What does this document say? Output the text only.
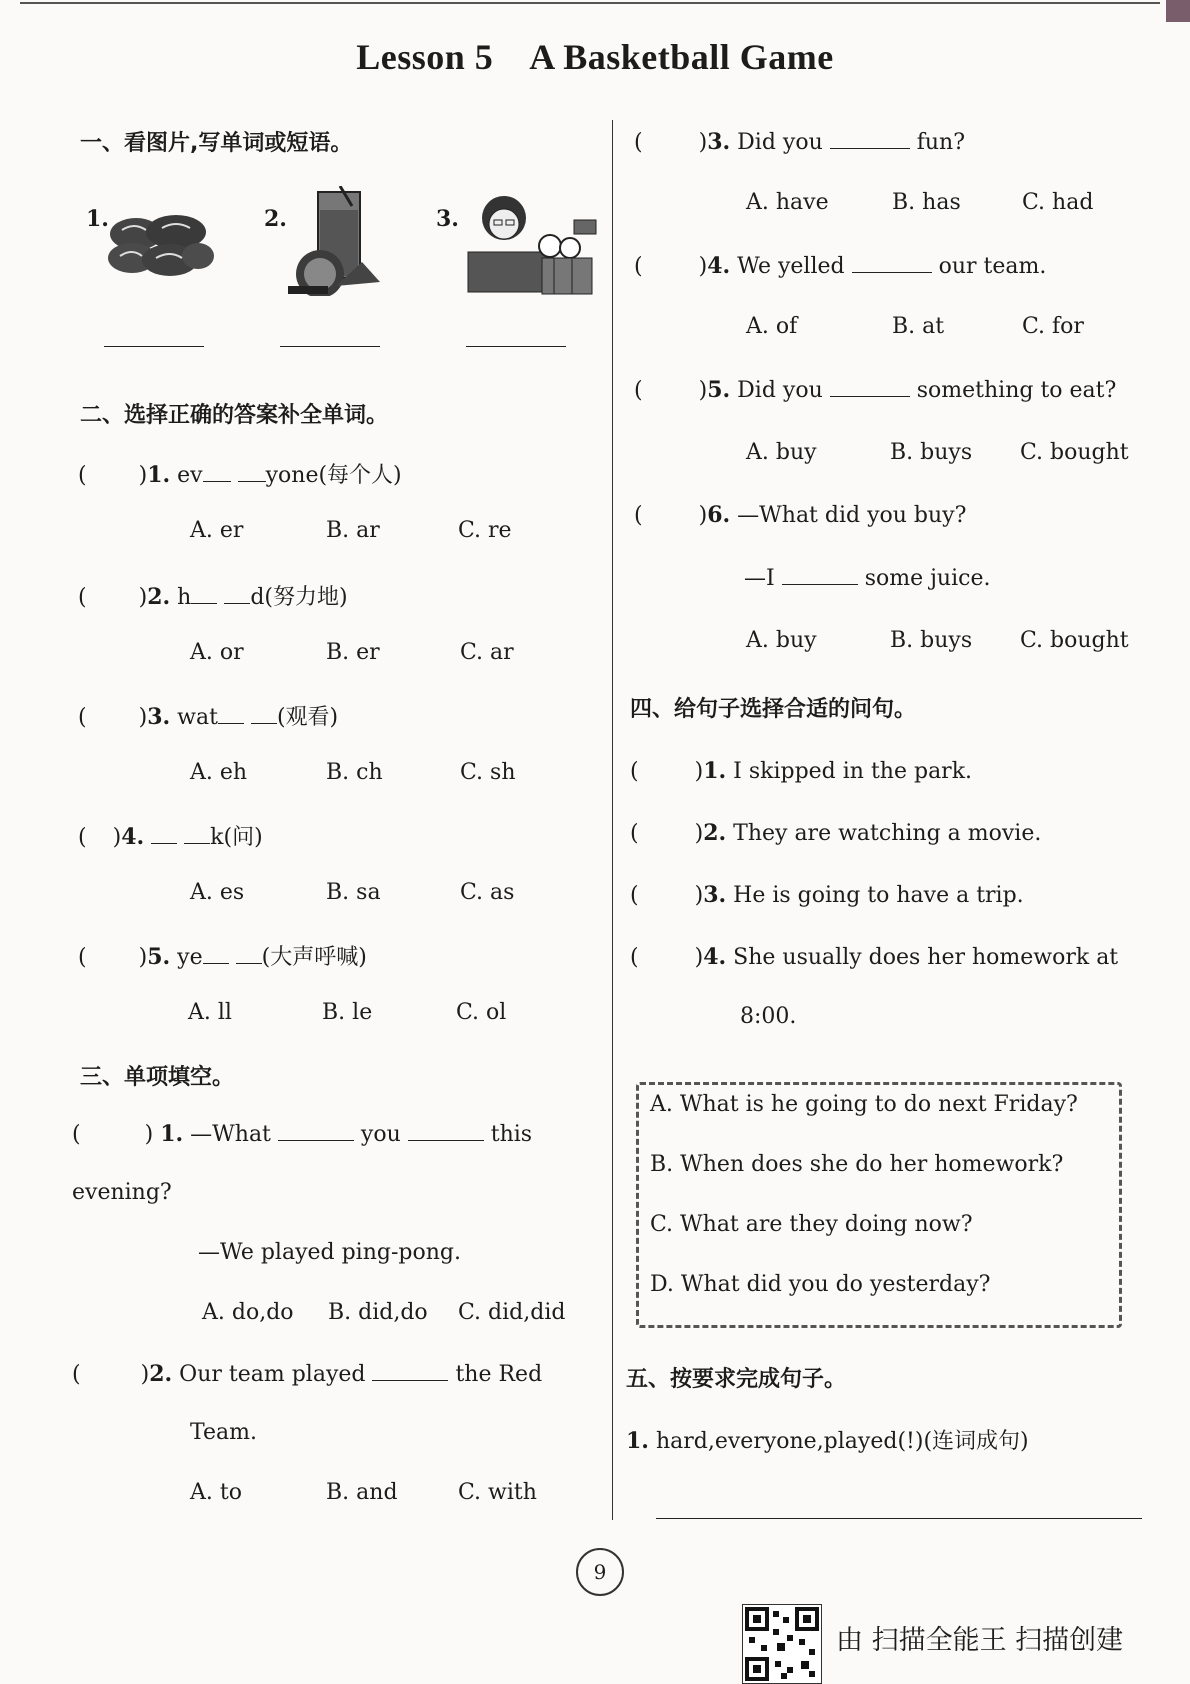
Lesson 5 A Basketball Game
一、看图片,写单词或短语。
1.	2.	3.
二、选择正确的答案补全单词。
( )1. ev	yone(每个人)
A. er	B. ar	C. re
( )2. h	d(努力地)
A. or	B. er	C. ar
( )3. wat	(观看)
A. eh	B. ch	C. sh
( )4.	k(问)
A. es	B. sa	C. as
( )5. ye	(大声呼喊)
A. ll	B. le	C. ol
三、单项填空。
(	) 1. —What	you	this
evening?
—We played ping-pong.
A. do,do B. did,do C. did,did
(	)2. Our team played	the Red
Team.
A. to	B. and	C. with
(	)3. Did you	fun?
A. have	B. has	C. had
(	)4. We yelled	our team.
A. of	B. at	C. for
(	)5. Did you	something to eat?
A. buy	B. buys C. bought
(	)6. —What did you buy?
—I	some juice.
A. buy	B. buys C. bought
四、给句子选择合适的问句。
(	)1. I skipped in the park.
(	)2. They are watching a movie.
(	)3. He is going to have a trip.
(	)4. She usually does her homework at
8:00.
A. What is he going to do next Friday?
B. When does she do her homework?
C. What are they doing now?
D. What did you do yesterday?
五、按要求完成句子。
1. hard,everyone,played(!)(连词成句)
9
由 扫描全能王 扫描创建
